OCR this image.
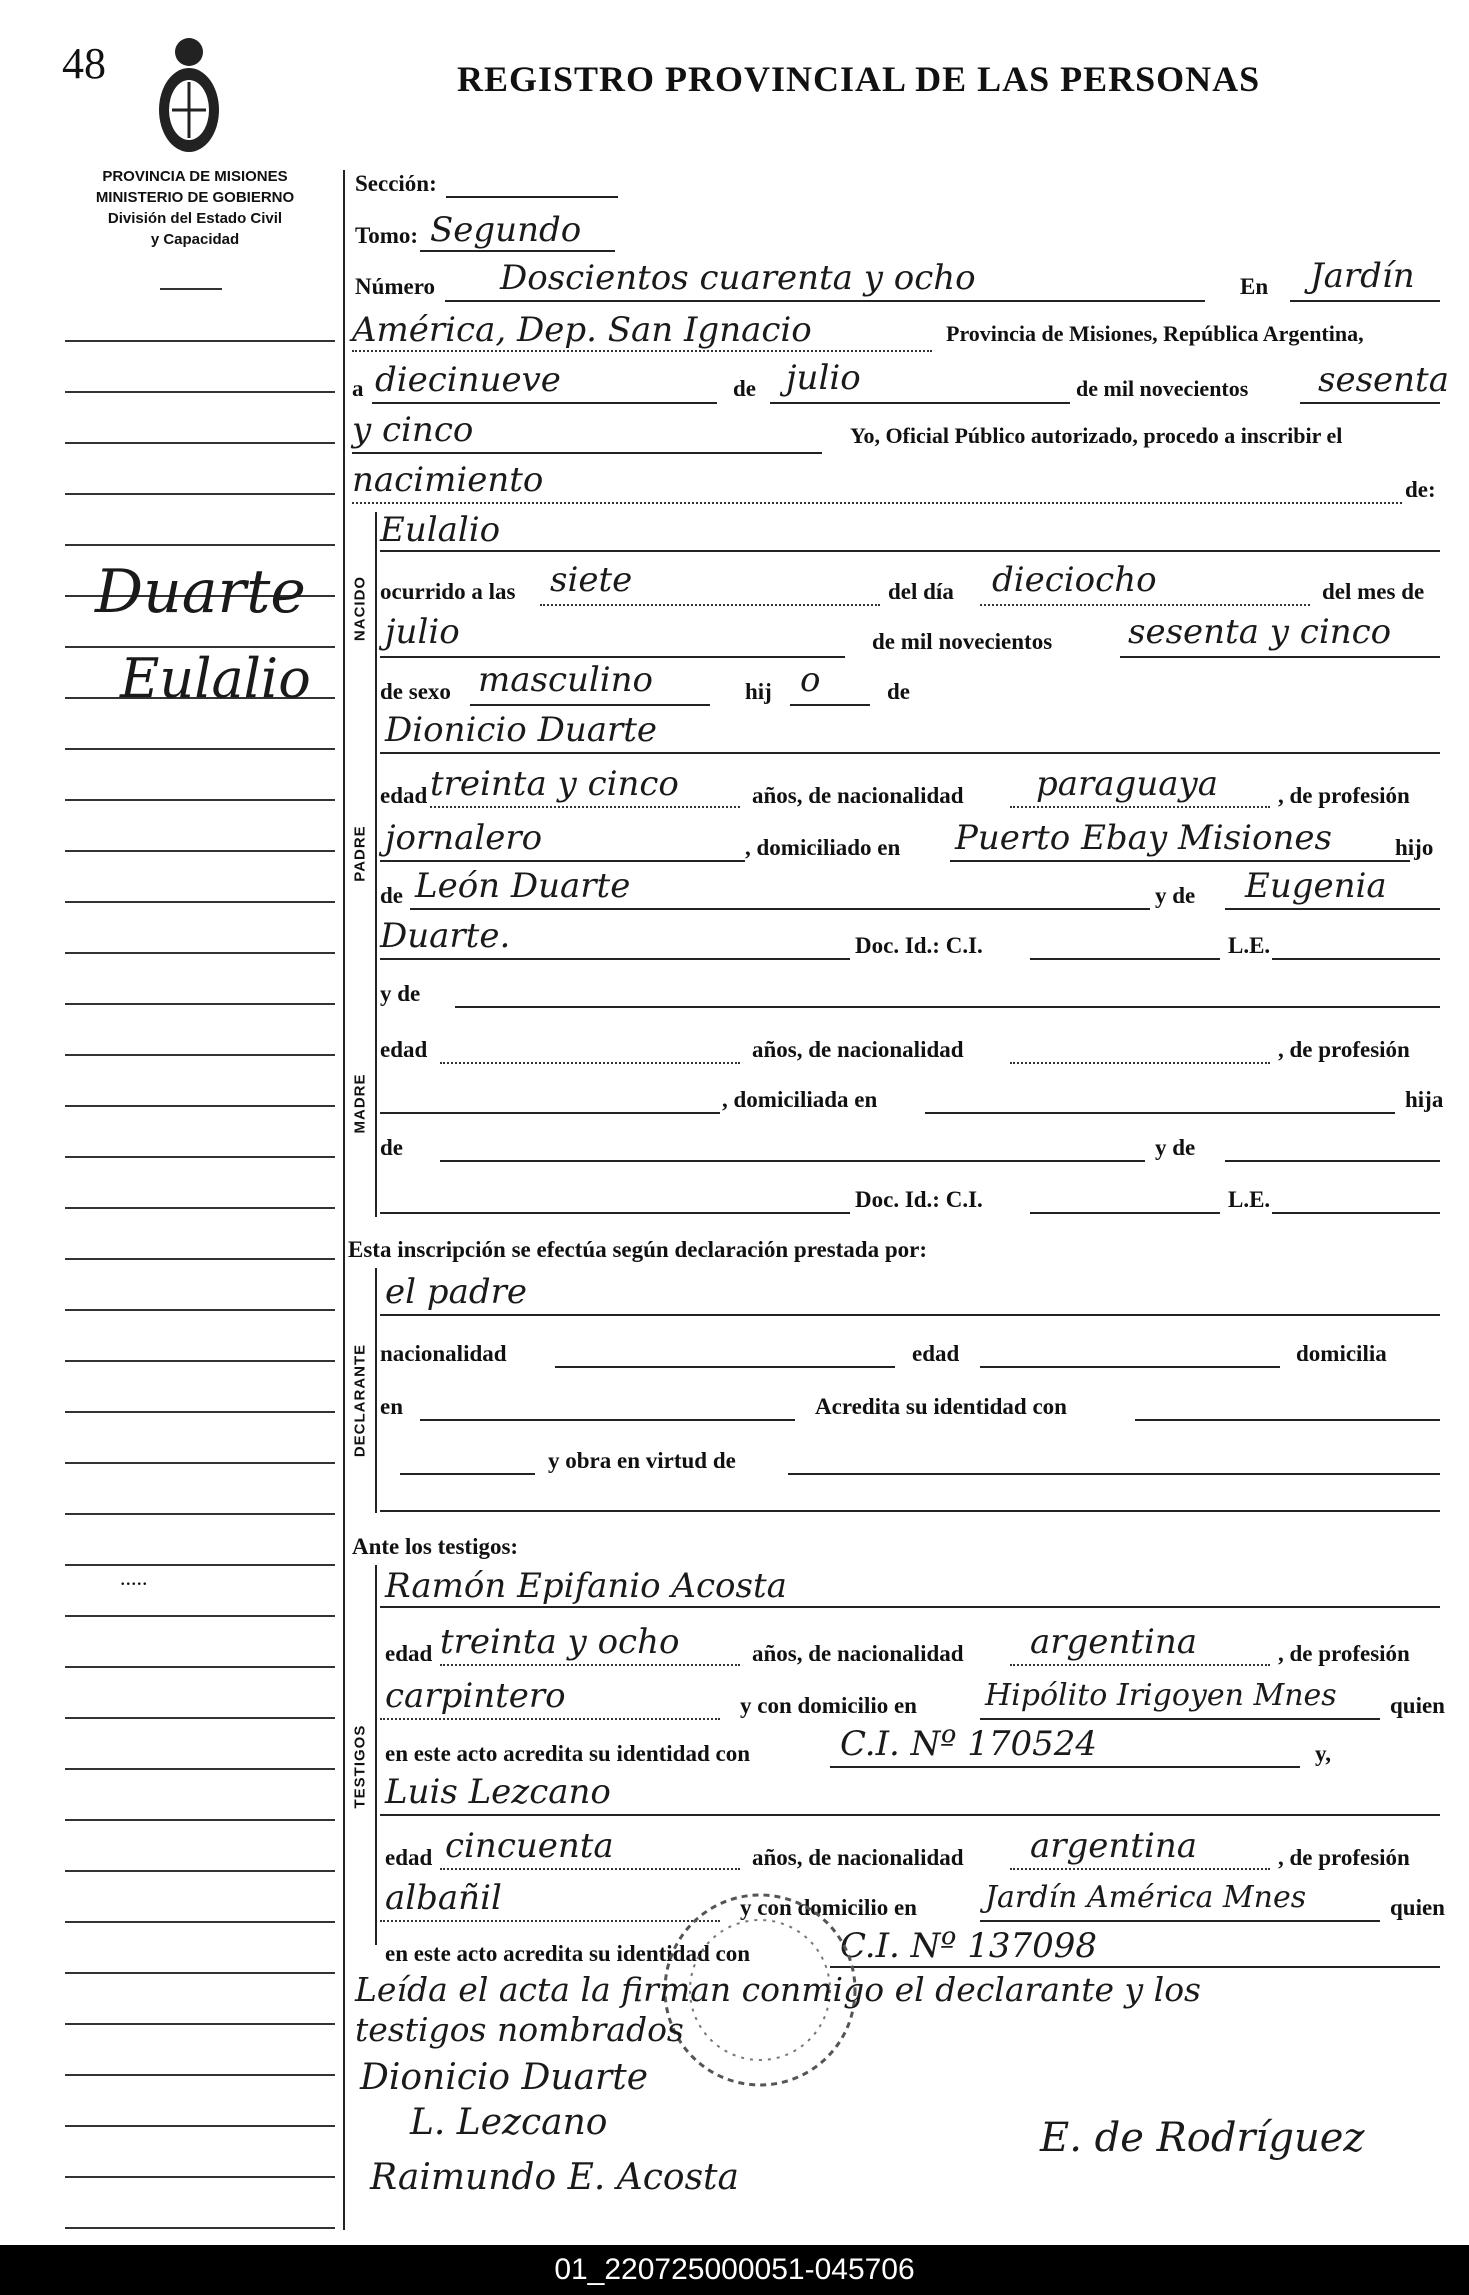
48	REGISTRO PROVINCIAL DE LAS PERSONAS
PROVINCIA DE MISIONES
MINISTERIO DE GOBIERNO
División del Estado Civil
y Capacidad
Duarte
Eulalio
.....
Sección:
Tomo: Segundo
Número Doscientos cuarenta y ocho	En Jardín
América, Dep. San Ignacio	Provincia de Misiones, República Argentina,
a diecinueve	de julio	de mil novecientos sesenta
y cinco	Yo, Oficial Público autorizado, procedo a inscribir el
nacimiento	de:
NACIDO
Eulalio
ocurrido a las siete	del día dieciocho	del mes de
julio	de mil novecientos sesenta y cinco
de sexo masculino	hij o	de
PADRE
Dionicio Duarte
edad treinta y cinco	años, de nacionalidad paraguaya	, de profesión
jornalero	, domiciliado en Puerto Ebay Misiones	hijo
de León Duarte	y de Eugenia
Duarte.	Doc. Id.: C.I.	L.E.
MADRE
y de
edad	años, de nacionalidad	, de profesión
, domiciliada en	hija
de	y de
Doc. Id.: C.I.	L.E.
Esta inscripción se efectúa según declaración prestada por:
DECLARANTE
el padre
nacionalidad	edad	domicilia
en	Acredita su identidad con
y obra en virtud de
Ante los testigos:
TESTIGOS
Ramón Epifanio Acosta
edad treinta y ocho	años, de nacionalidad argentina	, de profesión
carpintero	y con domicilio en Hipólito Irigoyen Mnes quien
en este acto acredita su identidad con	C.I. Nº 170524	y,
Luis Lezcano
edad cincuenta	años, de nacionalidad argentina	, de profesión
albañil	y con domicilio en Jardín América Mnes	quien
en este acto acredita su identidad con	C.I. Nº 137098
Leída el acta la firman conmigo el declarante y los
testigos nombrados
Dionicio Duarte
L. Lezcano
Raimundo E. Acosta
E. de Rodríguez
01_220725000051-045706
